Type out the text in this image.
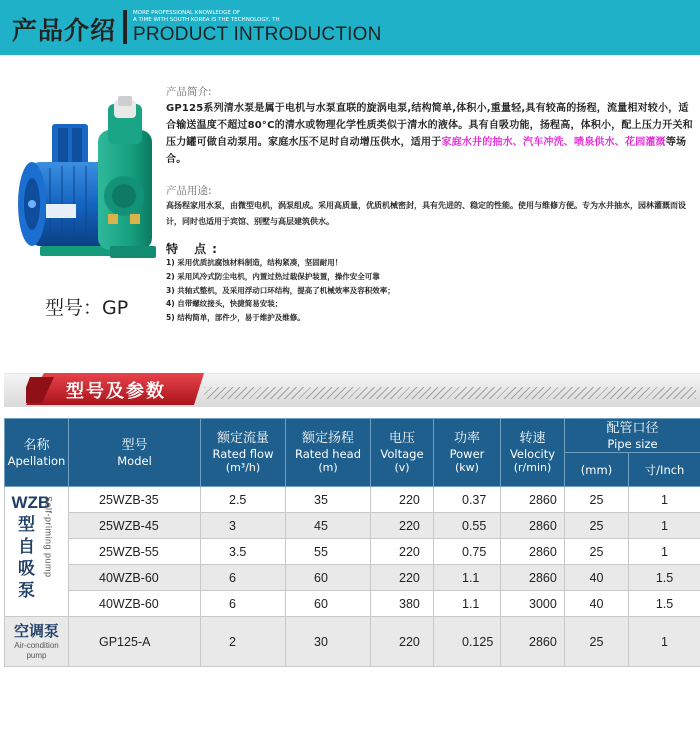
产品介绍
MORE PROFESSIONAL KNOWLEDGE OF
A TIME WITH SOUTH KOREA IS THE TECHNOLOGY, TH
PRODUCT INTRODUCTION
型号：GP
产品简介:

GP125系列清水泵是属于电机与水泵直联的旋涡电泵,结构简单,体积小,重量轻,具有较高的扬程，流量相对较小，适合输送温度不超过80°C的清水或物理化学性质类似于清水的液体。具有自吸功能，扬程高，体积小，配上压力开关和压力罐可做自动泵用。家庭水压不足时自动增压供水，适用于家庭水井的抽水、汽车冲洗、喷泉供水、花园灌溉等场合。

产品用途:

高扬程家用水泵，由微型电机，涡泵组成。采用高质量，优质机械密封，具有先进的、稳定的性能。使用与维修方便。专为水井抽水，园林灌溉而设计，同时也适用于宾馆、别墅与高层建筑供水。

特 点:
1) 采用优质抗腐蚀材料制造，结构紧凑，坚固耐用！
2) 采用风冷式防尘电机，内置过热过载保护装置，操作安全可靠
3) 共轴式整机，及采用浮动口环结构，提高了机械效率及容积效率；
4) 自带螺纹接头，快捷简易安装；
5) 结构简单，部件少，易于维护及维修。
型号及参数
名称
Apellation	型号
Model	额定流量
Rated flow
(m³/h)	额定扬程
Rated head
(m)	电压
Voltage
(v)	功率
Power
(kw)	转速
Velocity
(r/min)	配管口径
Pipe size	

							(mm)	寸/Inch

WZB型自吸泵
Self-priming pump	25WZB-35	2.5	35	220	0.37	2860	25	1
	25WZB-45	3	45	220	0.55	2860	25	1
	25WZB-55	3.5	55	220	0.75	2860	25	1
	40WZB-60	6	60	220	1.1	2860	40	1.5
	40WZB-60	6	60	380	1.1	3000	40	1.5

空调泵
Air-condition
pump	GP125-A	2	30	220	0.125	2860	25	1
